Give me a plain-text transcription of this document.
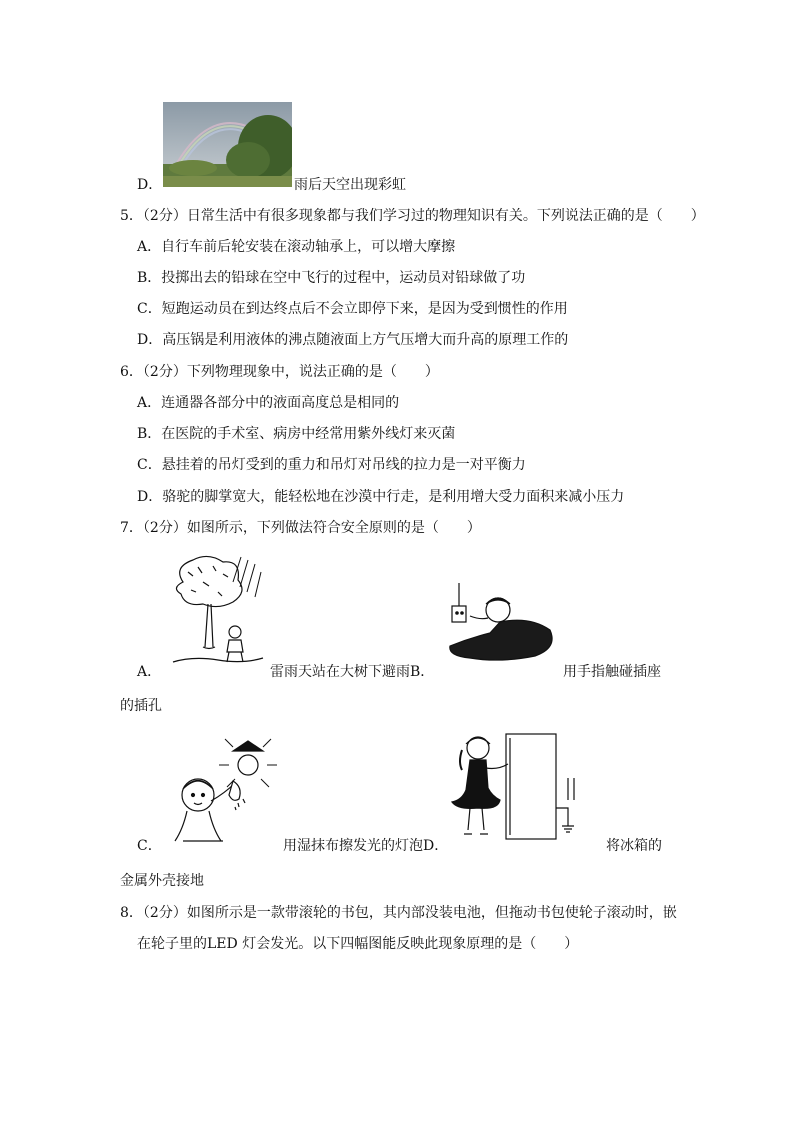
D．	雨后天空出现彩虹
5．（2分）日常生活中有很多现象都与我们学习过的物理知识有关。下列说法正确的是（　　）
A．自行车前后轮安装在滚动轴承上，可以增大摩擦
B．投掷出去的铅球在空中飞行的过程中，运动员对铅球做了功
C．短跑运动员在到达终点后不会立即停下来，是因为受到惯性的作用
D．高压锅是利用液体的沸点随液面上方气压增大而升高的原理工作的
6．（2分）下列物理现象中，说法正确的是（　　）
A．连通器各部分中的液面高度总是相同的
B．在医院的手术室、病房中经常用紫外线灯来灭菌
C．悬挂着的吊灯受到的重力和吊灯对吊线的拉力是一对平衡力
D．骆驼的脚掌宽大，能轻松地在沙漠中行走，是利用增大受力面积来减小压力
7．（2分）如图所示，下列做法符合安全原则的是（　　）
A．	雷雨天站在大树下避雨B．	用手指触碰插座
的插孔
C．	用湿抹布擦发光的灯泡D．	将冰箱的
金属外壳接地
8．（2分）如图所示是一款带滚轮的书包，其内部没装电池，但拖动书包使轮子滚动时，嵌
在轮子里的LED 灯会发光。以下四幅图能反映此现象原理的是（　　）
